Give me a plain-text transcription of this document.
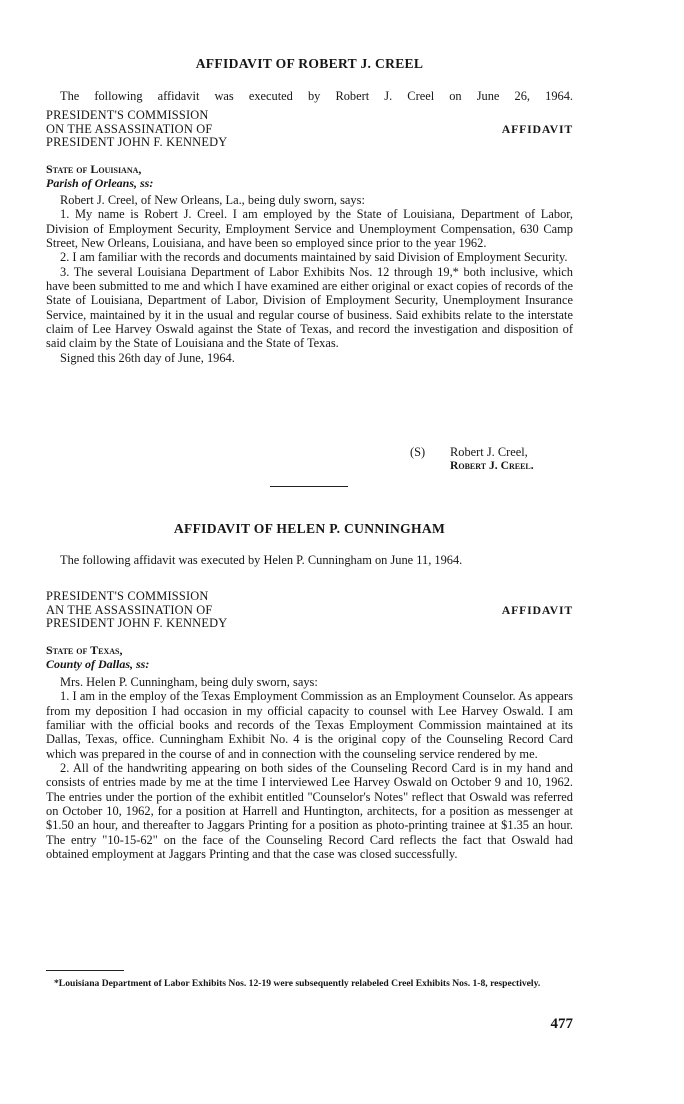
AFFIDAVIT OF ROBERT J. CREEL

The following affidavit was executed by Robert J. Creel on June 26, 1964.

PRESIDENT'S COMMISSION
ON THE ASSASSINATION OF
PRESIDENT JOHN F. KENNEDY
AFFIDAVIT
State of Louisiana,
Parish of Orleans, ss:

Robert J. Creel, of New Orleans, La., being duly sworn, says:

1. My name is Robert J. Creel. I am employed by the State of Louisiana, Department of Labor, Division of Employment Security, Employment Service and Unemployment Compensation, 630 Camp Street, New Orleans, Louisiana, and have been so employed since prior to the year 1962.

2. I am familiar with the records and documents maintained by said Division of Employment Security.

3. The several Louisiana Department of Labor Exhibits Nos. 12 through 19,* both inclusive, which have been submitted to me and which I have examined are either original or exact copies of records of the State of Louisiana, Department of Labor, Division of Employment Security, Unemployment Insurance Service, maintained by it in the usual and regular course of business. Said exhibits relate to the interstate claim of Lee Harvey Oswald against the State of Texas, and record the investigation and disposition of said claim by the State of Louisiana and the State of Texas.

Signed this 26th day of June, 1964.

(S) Robert J. Creel,
Robert J. Creel.
AFFIDAVIT OF HELEN P. CUNNINGHAM

The following affidavit was executed by Helen P. Cunningham on June 11, 1964.

PRESIDENT'S COMMISSION
AN THE ASSASSINATION OF
PRESIDENT JOHN F. KENNEDY
AFFIDAVIT
State of Texas,
County of Dallas, ss:

Mrs. Helen P. Cunningham, being duly sworn, says:

1. I am in the employ of the Texas Employment Commission as an Employment Counselor. As appears from my deposition I had occasion in my official capacity to counsel with Lee Harvey Oswald. I am familiar with the official books and records of the Texas Employment Commission maintained at its Dallas, Texas, office. Cunningham Exhibit No. 4 is the original copy of the Counseling Record Card which was prepared in the course of and in connection with the counseling service rendered by me.

2. All of the handwriting appearing on both sides of the Counseling Record Card is in my hand and consists of entries made by me at the time I interviewed Lee Harvey Oswald on October 9 and 10, 1962. The entries under the portion of the exhibit entitled "Counselor's Notes" reflect that Oswald was referred on October 10, 1962, for a position at Harrell and Huntington, architects, for a position as messenger at $1.50 an hour, and thereafter to Jaggars Printing for a position as photo-printing trainee at $1.35 an hour. The entry "10-15-62" on the face of the Counseling Record Card reflects the fact that Oswald had obtained employment at Jaggars Printing and that the case was closed successfully.

*Louisiana Department of Labor Exhibits Nos. 12-19 were subsequently relabeled Creel Exhibits Nos. 1-8, respectively.

477
